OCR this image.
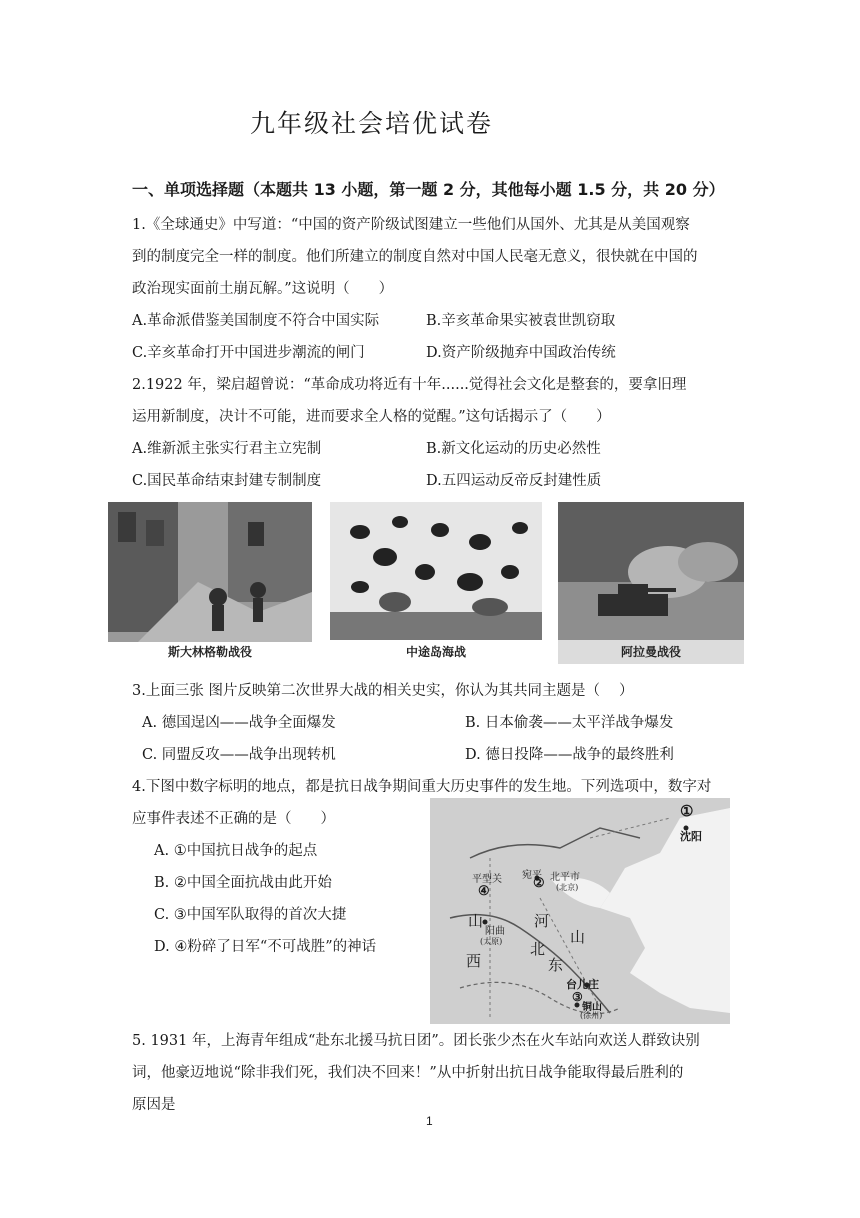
九年级社会培优试卷
一、单项选择题（本题共 13 小题，第一题 2 分，其他每小题 1.5 分，共 20 分）
1.《全球通史》中写道：“中国的资产阶级试图建立一些他们从国外、尤其是从美国观察
到的制度完全一样的制度。他们所建立的制度自然对中国人民毫无意义，很快就在中国的
政治现实面前土崩瓦解。”这说明（　　）
A.革命派借鉴美国制度不符合中国实际	B.辛亥革命果实被袁世凯窃取
C.辛亥革命打开中国进步潮流的闸门	D.资产阶级抛弃中国政治传统
2.1922 年，梁启超曾说：“革命成功将近有十年......觉得社会文化是整套的，要拿旧理
运用新制度，决计不可能，进而要求全人格的觉醒。”这句话揭示了（　　）
A.维新派主张实行君主立宪制	B.新文化运动的历史必然性
C.国民革命结束封建专制制度	D.五四运动反帝反封建性质
斯大林格勒战役	中途岛海战	阿拉曼战役
3.上面三张 图片反映第二次世界大战的相关史实，你认为其共同主题是（　 ）
A. 德国逞凶——战争全面爆发	B. 日本偷袭——太平洋战争爆发
C. 同盟反攻——战争出现转机	D. 德日投降——战争的最终胜利
4.下图中数字标明的地点，都是抗日战争期间重大历史事件的发生地。下列选项中，数字对
应事件表述不正确的是（　　）
A. ①中国抗日战争的起点
B. ②中国全面抗战由此开始
C. ③中国军队取得的首次大捷
D. ④粉碎了日军“不可战胜”的神话
①
沈阳
平型关
④
宛平
② 北平市
(北京)
山	河
北
阳曲
(太原)	山
西	东
台儿庄
③
铜山
(徐州)
5. 1931 年，上海青年组成“赴东北援马抗日团”。团长张少杰在火车站向欢送人群致诀别
词，他豪迈地说“除非我们死，我们决不回来！”从中折射出抗日战争能取得最后胜利的
原因是
1
